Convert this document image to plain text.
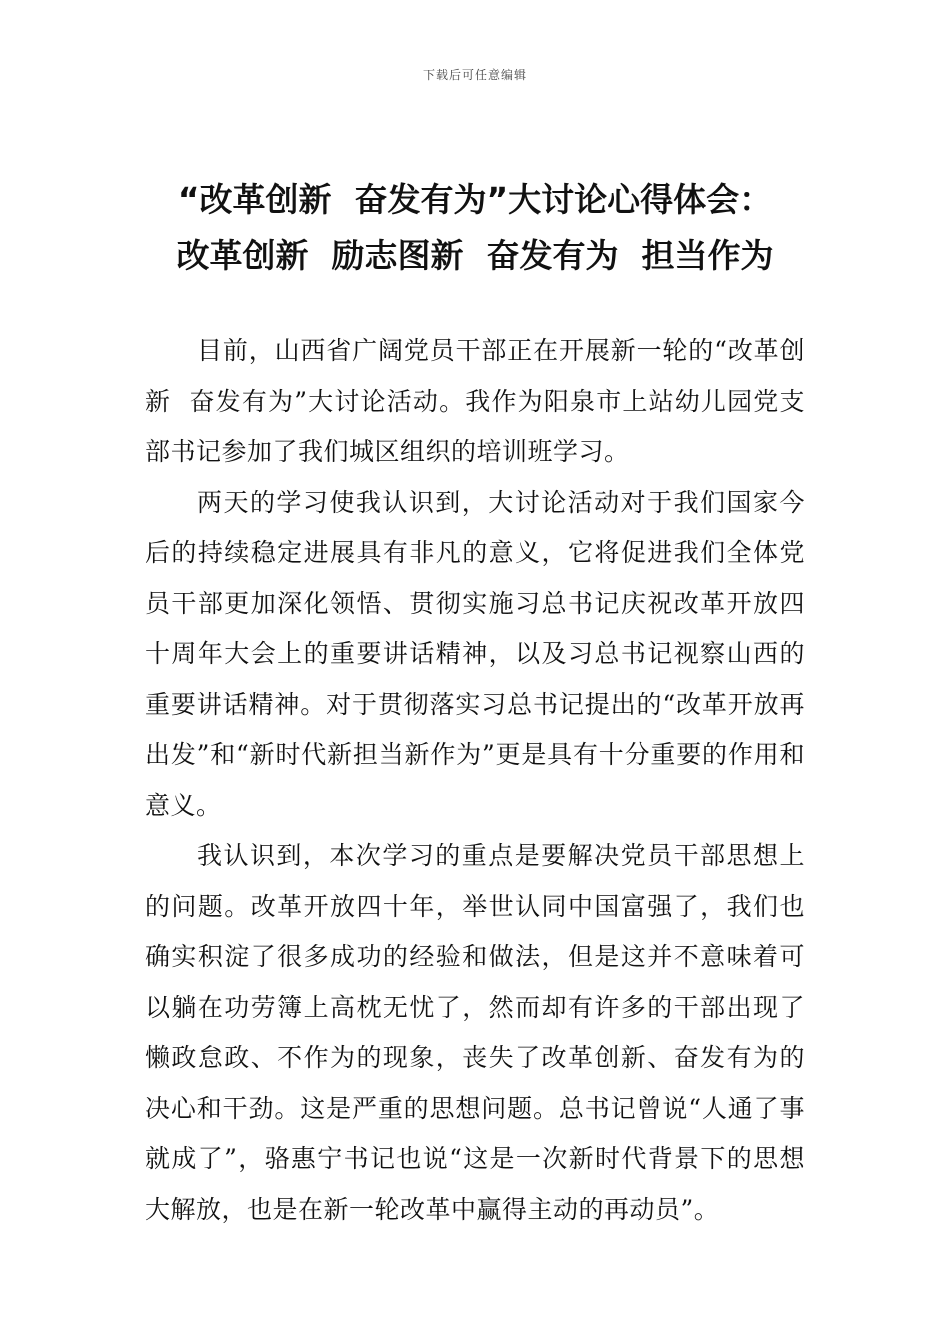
下载后可任意编辑
“改革创新  奋发有为”大讨论心得体会：
改革创新  励志图新  奋发有为  担当作为

目前，山西省广阔党员干部正在开展新一轮的“改革创新  奋发有为”大讨论活动。我作为阳泉市上站幼儿园党支部书记参加了我们城区组织的培训班学习。

两天的学习使我认识到，大讨论活动对于我们国家今后的持续稳定进展具有非凡的意义，它将促进我们全体党员干部更加深化领悟、贯彻实施习总书记庆祝改革开放四十周年大会上的重要讲话精神，以及习总书记视察山西的重要讲话精神。对于贯彻落实习总书记提出的“改革开放再出发”和“新时代新担当新作为”更是具有十分重要的作用和意义。

我认识到，本次学习的重点是要解决党员干部思想上的问题。改革开放四十年，举世认同中国富强了，我们也确实积淀了很多成功的经验和做法，但是这并不意味着可以躺在功劳簿上高枕无忧了，然而却有许多的干部出现了懒政怠政、不作为的现象，丧失了改革创新、奋发有为的决心和干劲。这是严重的思想问题。总书记曾说“人通了事就成了”，骆惠宁书记也说“这是一次新时代背景下的思想大解放，也是在新一轮改革中赢得主动的再动员”。
